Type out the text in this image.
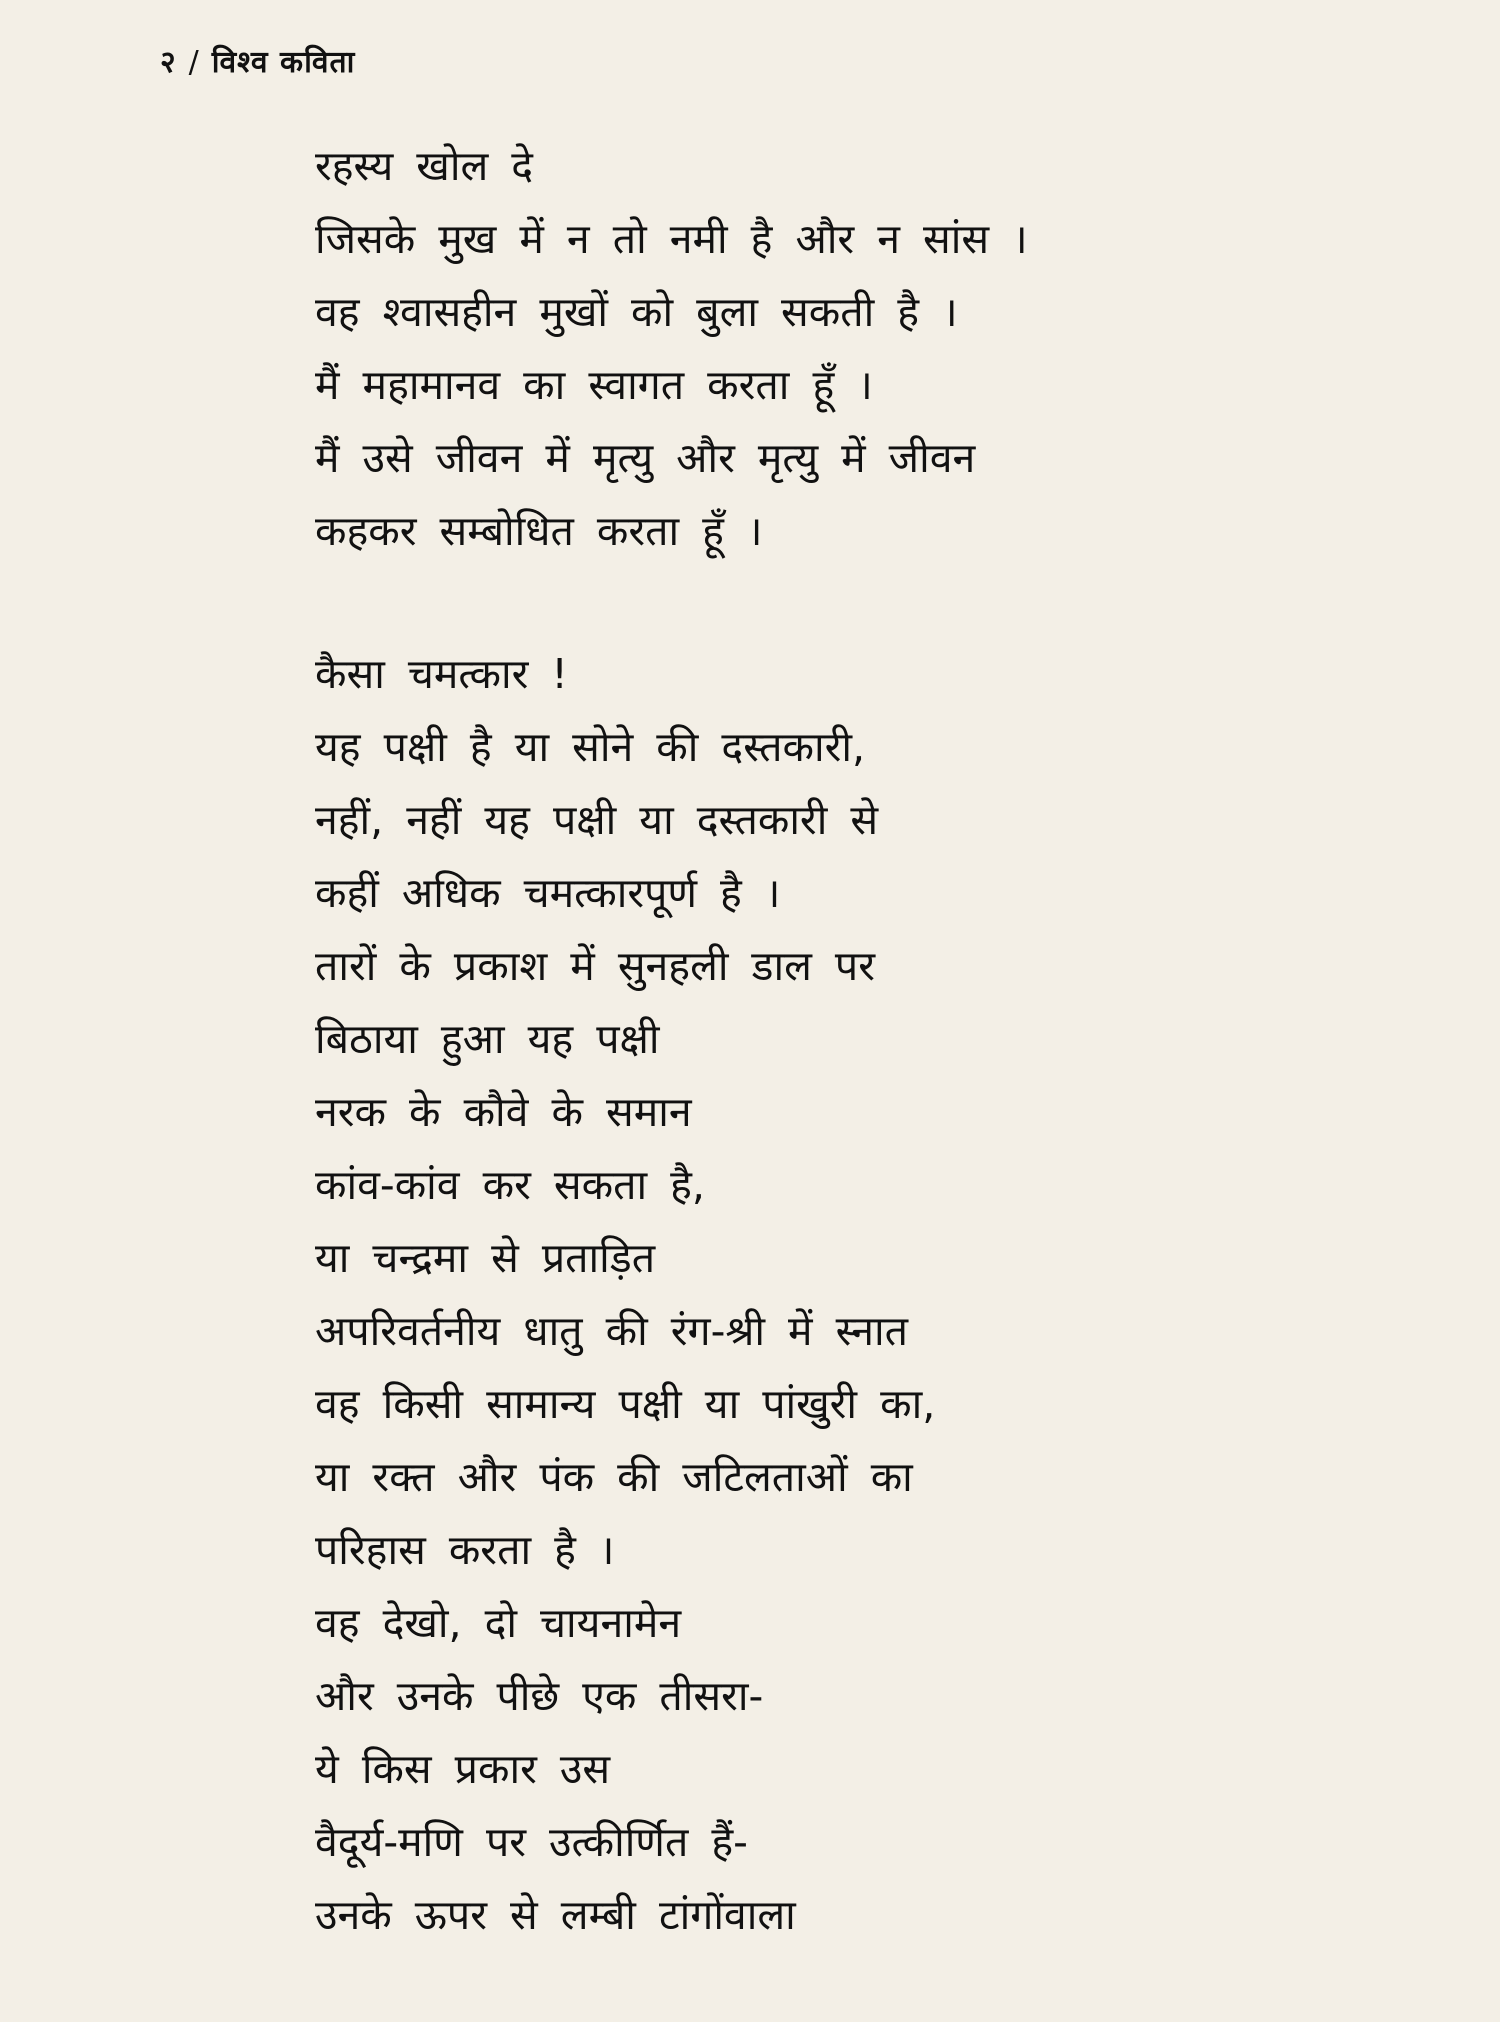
२ / विश्व कविता
रहस्य खोल दे
जिसके मुख में न तो नमी है और न सांस ।
वह श्वासहीन मुखों को बुला सकती है ।
मैं महामानव का स्वागत करता हूँ ।
मैं उसे जीवन में मृत्यु और मृत्यु में जीवन
कहकर सम्बोधित करता हूँ ।
कैसा चमत्कार !
यह पक्षी है या सोने की दस्तकारी,
नहीं, नहीं यह पक्षी या दस्तकारी से
कहीं अधिक चमत्कारपूर्ण है ।
तारों के प्रकाश में सुनहली डाल पर
बिठाया हुआ यह पक्षी
नरक के कौवे के समान
कांव-कांव कर सकता है,
या चन्द्रमा से प्रताड़ित
अपरिवर्तनीय धातु की रंग-श्री में स्नात
वह किसी सामान्य पक्षी या पांखुरी का,
या रक्त और पंक की जटिलताओं का
परिहास करता है ।
वह देखो, दो चायनामेन
और उनके पीछे एक तीसरा-
ये किस प्रकार उस
वैदूर्य-मणि पर उत्कीर्णित हैं-
उनके ऊपर से लम्बी टांगोंवाला
